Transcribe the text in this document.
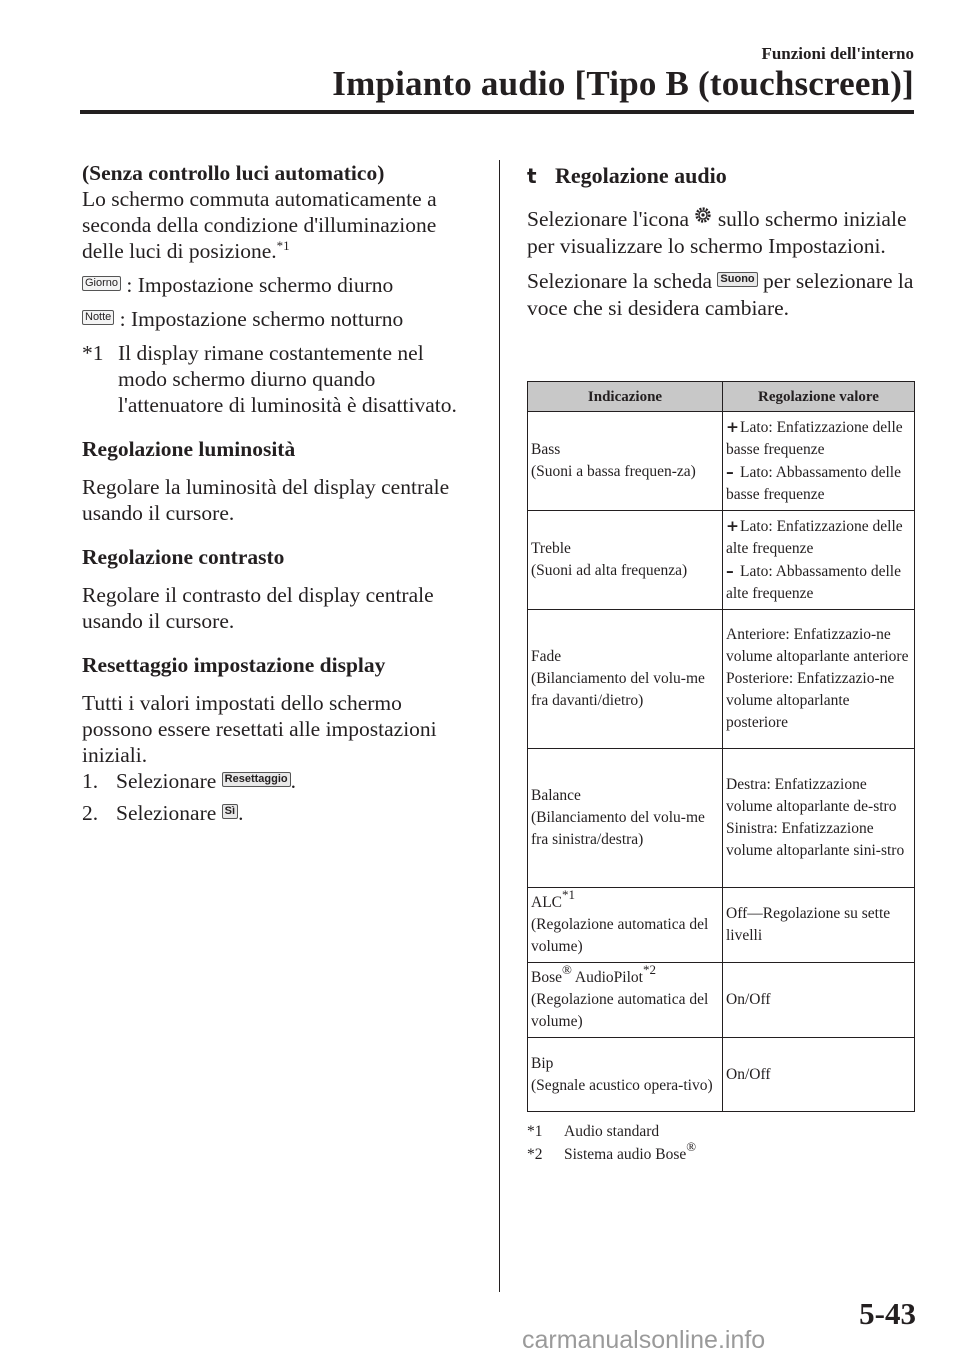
Funzioni dell'interno
Impianto audio [Tipo B (touchscreen)]

(Senza controllo luci automatico)

Lo schermo commuta automaticamente a seconda della condizione d'illuminazione delle luci di posizione.$^{*1}$

Giorno : Impostazione schermo diurno

Notte : Impostazione schermo notturno

*1 Il display rimane costantemente nel modo schermo diurno quando l'attenuatore di luminosità è disattivato.

Regolazione luminosità

Regolare la luminosità del display centrale usando il cursore.

Regolazione contrasto

Regolare il contrasto del display centrale usando il cursore.

Resettaggio impostazione display

Tutti i valori impostati dello schermo possono essere resettati alle impostazioni iniziali.

1. Selezionare Resettaggio .
2. Selezionare Sì .
t Regolazione audio

Selezionare l'icona sullo schermo iniziale per visualizzare lo schermo Impostazioni.

Selezionare la scheda Suono per selezionare la voce che si desidera cambiare.

Indicazione	Regolazione valore
Bass
(Suoni a bassa frequen-za)	+Lato: Enfatizzazione delle basse frequenze
– Lato: Abbassamento delle basse frequenze
Treble
(Suoni ad alta frequenza)	+Lato: Enfatizzazione delle alte frequenze
– Lato: Abbassamento delle alte frequenze
Fade
(Bilanciamento del volu-me fra davanti/dietro)	Anteriore: Enfatizzazio-ne volume altoparlante anteriore
Posteriore: Enfatizzazio-ne volume altoparlante posteriore
Balance
(Bilanciamento del volu-me fra sinistra/destra)	Destra: Enfatizzazione volume altoparlante de-stro
Sinistra: Enfatizzazione volume altoparlante sini-stro
ALC$^{*1}$
(Regolazione automatica del volume)	Off—Regolazione su sette livelli
Bose® AudioPilot$^{*2}$
(Regolazione automatica del volume)	On/Off
Bip
(Segnale acustico opera-tivo)	On/Off
*1	Audio standard
*2	Sistema audio Bose®
5-43
carmanualsonline.info
